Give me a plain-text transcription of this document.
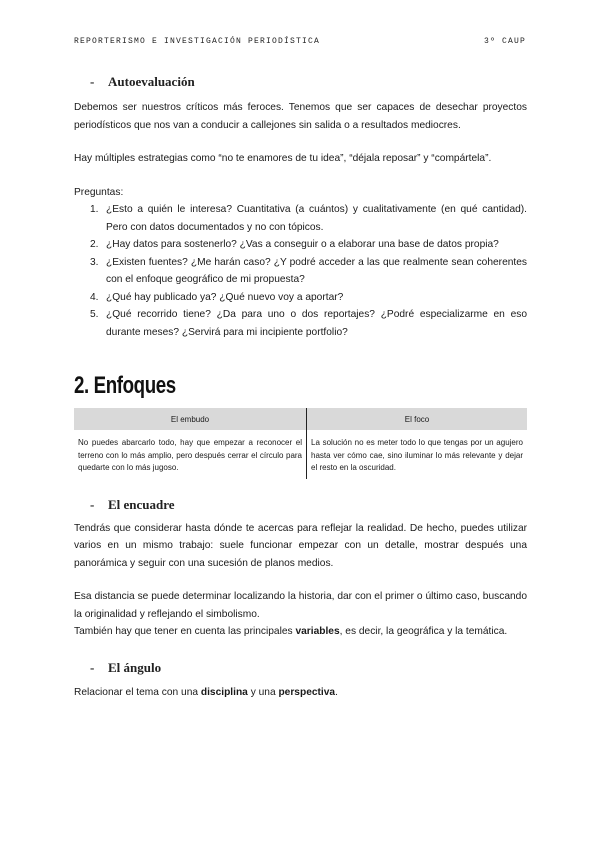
REPORTERISMO E INVESTIGACIÓN PERIODÍSTICA	3º CAUP
-	Autoevaluación

Debemos ser nuestros críticos más feroces. Tenemos que ser capaces de desechar proyectos periodísticos que nos van a conducir a callejones sin salida o a resultados mediocres.

Hay múltiples estrategias como “no te enamores de tu idea”, “déjala reposar” y “compártela”.

Preguntas:

1. ¿Esto a quién le interesa? Cuantitativa (a cuántos) y cualitativamente (en qué cantidad). Pero con datos documentados y no con tópicos.
2. ¿Hay datos para sostenerlo? ¿Vas a conseguir o a elaborar una base de datos propia?
3. ¿Existen fuentes? ¿Me harán caso? ¿Y podré acceder a las que realmente sean coherentes con el enfoque geográfico de mi propuesta?
4. ¿Qué hay publicado ya? ¿Qué nuevo voy a aportar?
5. ¿Qué recorrido tiene? ¿Da para uno o dos reportajes? ¿Podré especializarme en eso durante meses? ¿Servirá para mi incipiente portfolio?
2. Enfoques
El embudo	El foco
No puedes abarcarlo todo, hay que empezar a reconocer el terreno con lo más amplio, pero después cerrar el círculo para quedarte con lo más jugoso.	La solución no es meter todo lo que tengas por un agujero hasta ver cómo cae, sino iluminar lo más relevante y dejar el resto en la oscuridad.
-	El encuadre

Tendrás que considerar hasta dónde te acercas para reflejar la realidad. De hecho, puedes utilizar varios en un mismo trabajo: suele funcionar empezar con un detalle, mostrar después una panorámica y seguir con una sucesión de planos medios.

Esa distancia se puede determinar localizando la historia, dar con el primer o último caso, buscando la originalidad y reflejando el simbolismo.

También hay que tener en cuenta las principales variables, es decir, la geográfica y la temática.

-	El ángulo

Relacionar el tema con una disciplina y una perspectiva.
